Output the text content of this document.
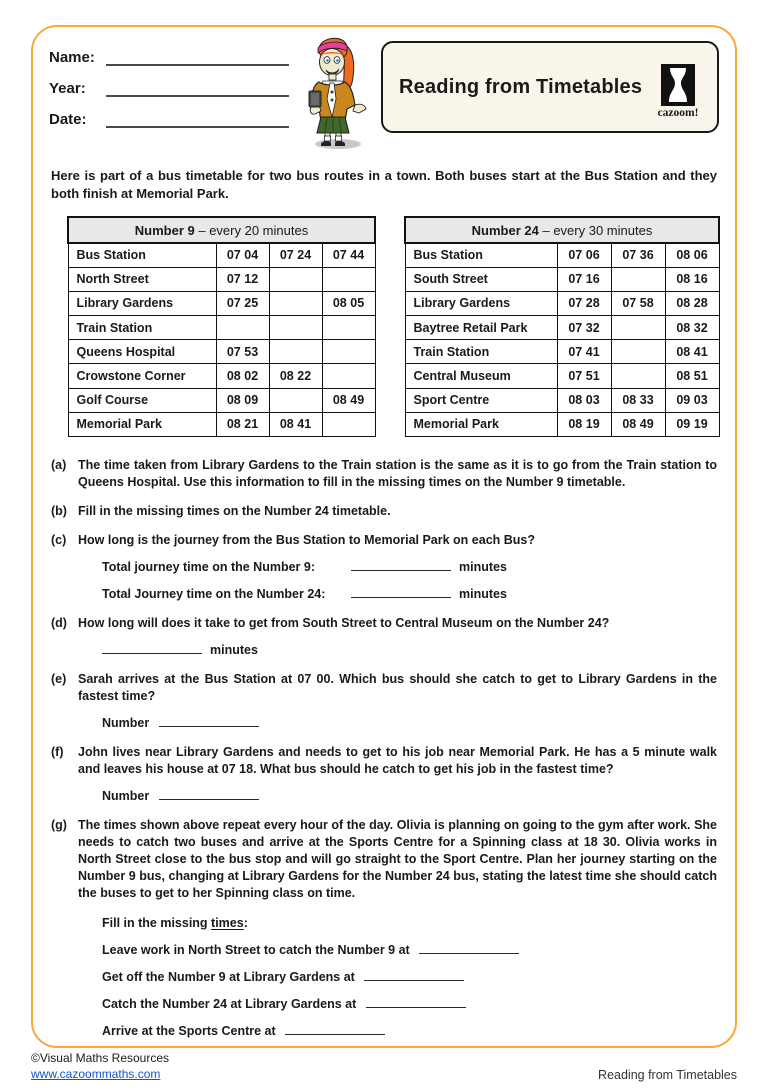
Name:
Year:
Date:
Reading from Timetables
cazoom!

Here is part of a bus timetable for two bus routes in a town. Both buses start at the Bus Station and they both finish at Memorial Park.

Number 9 – every 20 minutes			
Bus Station	07 04	07 24	07 44
North Street	07 12		
Library Gardens	07 25		08 05
Train Station			
Queens Hospital	07 53		
Crowstone Corner	08 02	08 22	
Golf Course	08 09		08 49
Memorial Park	08 21	08 41	
Number 24 – every 30 minutes			
Bus Station	07 06	07 36	08 06
South Street	07 16		08 16
Library Gardens	07 28	07 58	08 28
Baytree Retail Park	07 32		08 32
Train Station	07 41		08 41
Central Museum	07 51		08 51
Sport Centre	08 03	08 33	09 03
Memorial Park	08 19	08 49	09 19
(a) The time taken from Library Gardens to the Train station is the same as it is to go from the Train station to Queens Hospital. Use this information to fill in the missing times on the Number 9 timetable.
(b) Fill in the missing times on the Number 24 timetable.
(c) How long is the journey from the Bus Station to Memorial Park on each Bus?
Total journey time on the Number 9:	minutes
Total Journey time on the Number 24:	minutes
(d) How long will does it take to get from South Street to Central Museum on the Number 24?
minutes
(e) Sarah arrives at the Bus Station at 07 00. Which bus should she catch to get to Library Gardens in the fastest time?
Number
(f)	John lives near Library Gardens and needs to get to his job near Memorial Park. He has a 5 minute walk and leaves his house at 07 18. What bus should he catch to get his job in the fastest time?
Number
(g) The times shown above repeat every hour of the day. Olivia is planning on going to the gym after work. She needs to catch two buses and arrive at the Sports Centre for a Spinning class at 18 30. Olivia works in North Street close to the bus stop and will go straight to the Sport Centre. Plan her journey starting on the Number 9 bus, changing at Library Gardens for the Number 24 bus, stating the latest time she should catch the buses to get to her Spinning class on time.
Fill in the missing times:
Leave work in North Street to catch the Number 9 at
Get off the Number 9 at Library Gardens at
Catch the Number 24 at Library Gardens at
Arrive at the Sports Centre at
©Visual Maths Resources
www.cazoommaths.com	Reading from Timetables
